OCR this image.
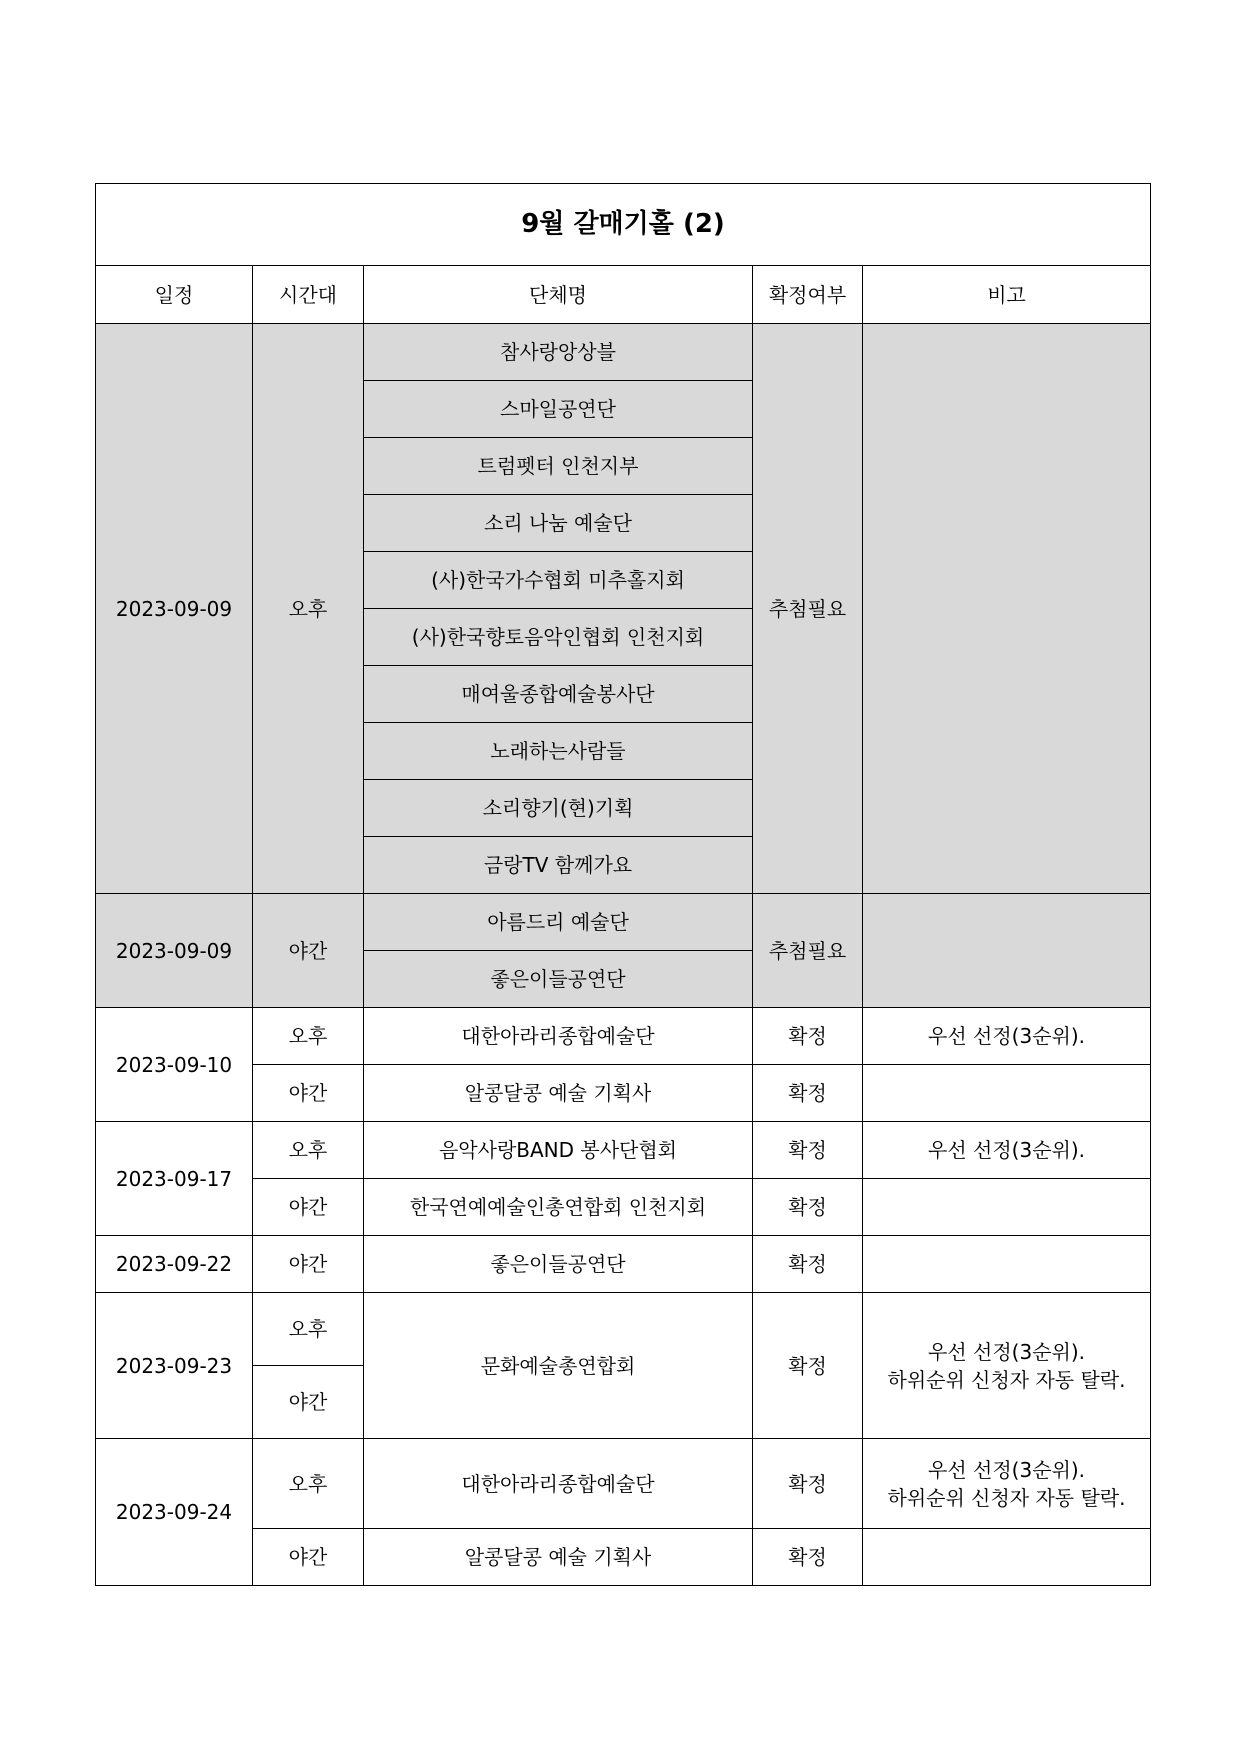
9월 갈매기홀 (2)				
일정	시간대	단체명	확정여부	비고
2023-09-09	오후	참사랑앙상블	추첨필요	
		스마일공연단		
		트럼펫터 인천지부		
		소리 나눔 예술단		
		(사)한국가수협회 미추홀지회		
		(사)한국향토음악인협회 인천지회		
		매여울종합예술봉사단		
		노래하는사람들		
		소리향기(현)기획		
		금랑TV 함께가요		
2023-09-09	야간	아름드리 예술단	추첨필요	
		좋은이들공연단		
2023-09-10	오후	대한아라리종합예술단	확정	우선 선정(3순위).
	야간	알콩달콩 예술 기획사	확정	
2023-09-17	오후	음악사랑BAND 봉사단협회	확정	우선 선정(3순위).
	야간	한국연예예술인총연합회 인천지회	확정	
2023-09-22	야간	좋은이들공연단	확정	
2023-09-23	오후	문화예술총연합회	확정	우선 선정(3순위).
하위순위 신청자 자동 탈락.

	야간			
2023-09-24	오후	대한아라리종합예술단	확정	우선 선정(3순위).
하위순위 신청자 자동 탈락.

	야간	알콩달콩 예술 기획사	확정	
